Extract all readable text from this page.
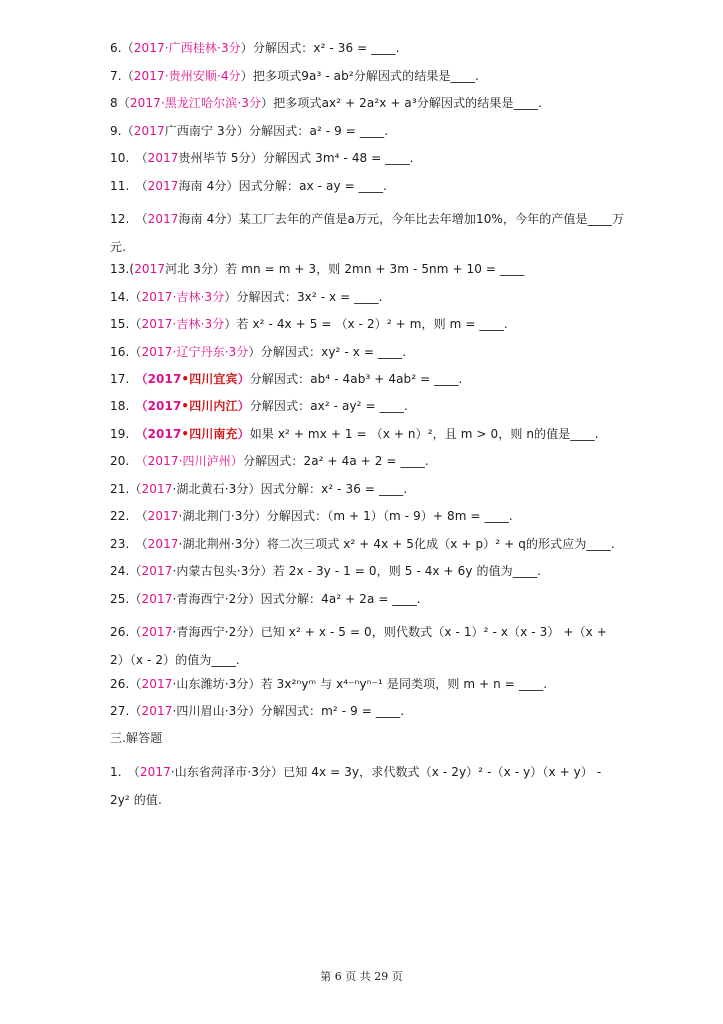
6.（2017·广西桂林·3分）分解因式：x² - 36 = ____.
7.（2017·贵州安顺·4分）把多项式9a³ - ab²分解因式的结果是____.
8（2017·黑龙江哈尔滨·3分）把多项式ax² + 2a²x + a³分解因式的结果是____.
9.（2017广西南宁 3分）分解因式：a² - 9 = ____.
10.　（2017贵州毕节 5分）分解因式 3m⁴ - 48 = ____.
11.　（2017海南 4分）因式分解：ax - ay = ____.
12.　（2017海南 4分）某工厂去年的产值是a万元，今年比去年增加10%，今年的产值是____万元.
13.(2017河北 3分）若 mn = m + 3，则 2mn + 3m - 5nm + 10 = ____
14.（2017·吉林·3分）分解因式：3x² - x = ____.
15.（2017·吉林·3分）若 x² - 4x + 5 = （x - 2）² + m，则 m = ____.
16.（2017·辽宁丹东·3分）分解因式：xy² - x = ____.
17.　 （2017•四川宜宾）分解因式：ab⁴ - 4ab³ + 4ab² = ____.
18.　 （2017•四川内江）分解因式：ax² - ay² = ____.
19.　 （2017•四川南充）如果 x² + mx + 1 = （x + n）²，且 m > 0，则 n的值是____.
20.　 （2017·四川泸州）分解因式：2a² + 4a + 2 = ____.
21.（2017·湖北黄石·3分）因式分解：x² - 36 = ____.
22.　（2017·湖北荆门·3分）分解因式：（m + 1）（m - 9）+ 8m = ____.
23.　（2017·湖北荆州·3分）将二次三项式 x² + 4x + 5化成（x + p）² + q的形式应为____.
24.（2017·内蒙古包头·3分）若 2x - 3y - 1 = 0，则 5 - 4x + 6y 的值为____.
25.（2017·青海西宁·2分）因式分解：4a² + 2a = ____.
26.（2017·青海西宁·2分）已知 x² + x - 5 = 0，则代数式（x - 1）² - x（x - 3） +（x + 2）（x - 2）的值为____.
26.（2017·山东潍坊·3分）若 3x²ⁿyᵐ 与 x⁴⁻ⁿyⁿ⁻¹ 是同类项，则 m + n = ____.
27.（2017·四川眉山·3分）分解因式：m² - 9 = ____.
三.解答题
1.　（2017·山东省菏泽市·3分）已知 4x = 3y，求代数式（x - 2y）² -（x - y）（x + y） - 2y² 的值.
第 6 页 共 29 页
